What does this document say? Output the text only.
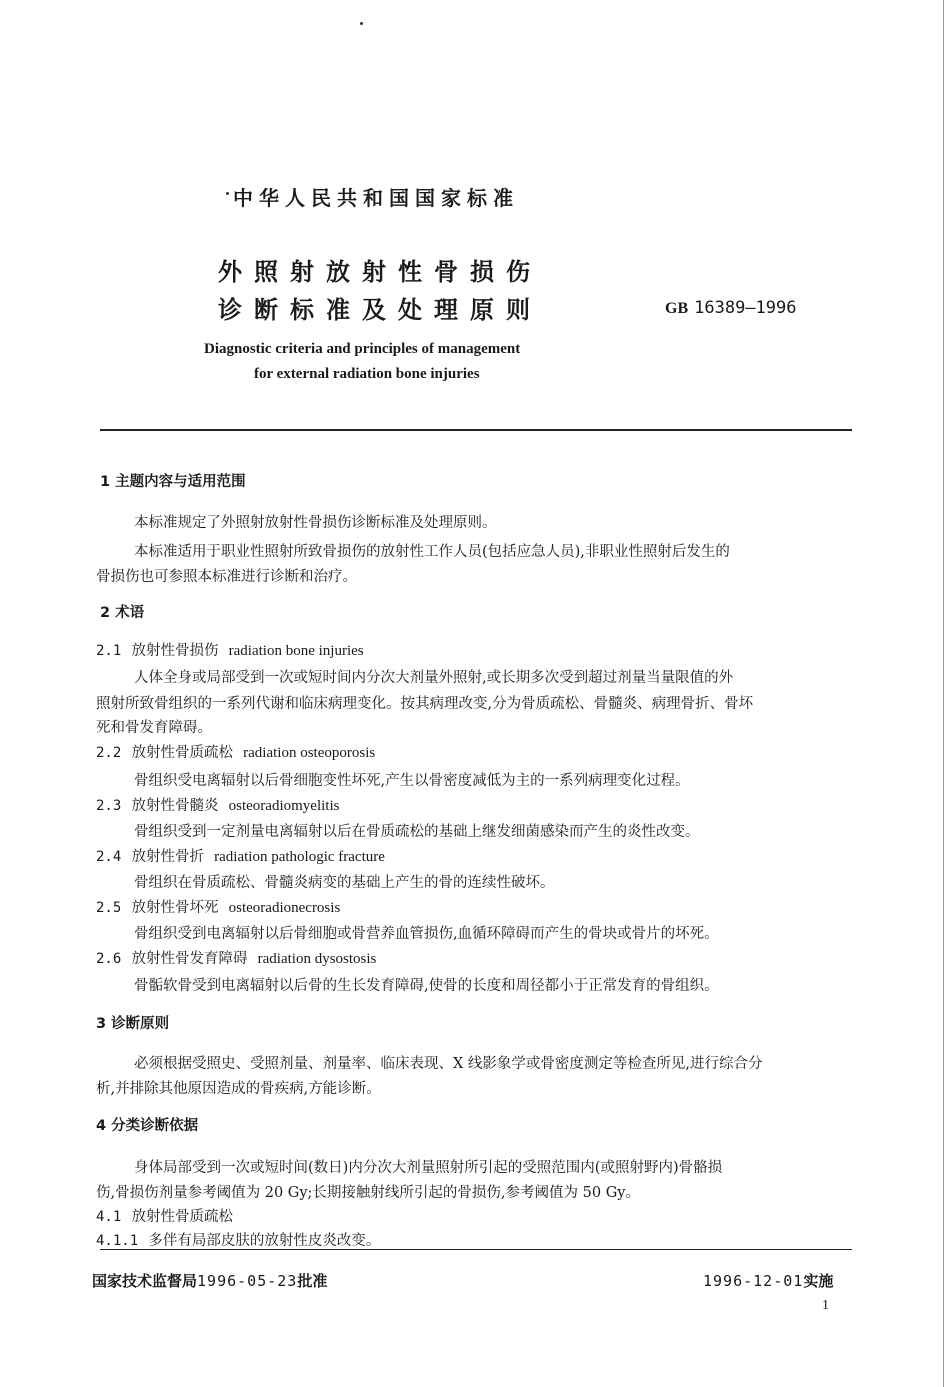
中华人民共和国国家标准
外照射放射性骨损伤
诊断标准及处理原则	GB 16389—1996
Diagnostic criteria and principles of management
for external radiation bone injuries
1 主题内容与适用范围
本标准规定了外照射放射性骨损伤诊断标准及处理原则。
本标准适用于职业性照射所致骨损伤的放射性工作人员(包括应急人员),非职业性照射后发生的
骨损伤也可参照本标准进行诊断和治疗。
2 术语
2.1 放射性骨损伤 radiation bone injuries
人体全身或局部受到一次或短时间内分次大剂量外照射,或长期多次受到超过剂量当量限值的外
照射所致骨组织的一系列代谢和临床病理变化。按其病理改变,分为骨质疏松、骨髓炎、病理骨折、骨坏
死和骨发育障碍。
2.2 放射性骨质疏松 radiation osteoporosis
骨组织受电离辐射以后骨细胞变性坏死,产生以骨密度减低为主的一系列病理变化过程。
2.3 放射性骨髓炎 osteoradiomyelitis
骨组织受到一定剂量电离辐射以后在骨质疏松的基础上继发细菌感染而产生的炎性改变。
2.4 放射性骨折 radiation pathologic fracture
骨组织在骨质疏松、骨髓炎病变的基础上产生的骨的连续性破坏。
2.5 放射性骨坏死 osteoradionecrosis
骨组织受到电离辐射以后骨细胞或骨营养血管损伤,血循环障碍而产生的骨块或骨片的坏死。
2.6 放射性骨发育障碍 radiation dysostosis
骨骺软骨受到电离辐射以后骨的生长发育障碍,使骨的长度和周径都小于正常发育的骨组织。
3 诊断原则
必须根据受照史、受照剂量、剂量率、临床表现、X 线影象学或骨密度测定等检查所见,进行综合分
析,并排除其他原因造成的骨疾病,方能诊断。
4 分类诊断依据
身体局部受到一次或短时间(数日)内分次大剂量照射所引起的受照范围内(或照射野内)骨骼损
伤,骨损伤剂量参考阈值为 20 Gy;长期接触射线所引起的骨损伤,参考阈值为 50 Gy。
4.1 放射性骨质疏松
4.1.1 多伴有局部皮肤的放射性皮炎改变。
国家技术监督局1996-05-23批准	1996-12-01实施
1
